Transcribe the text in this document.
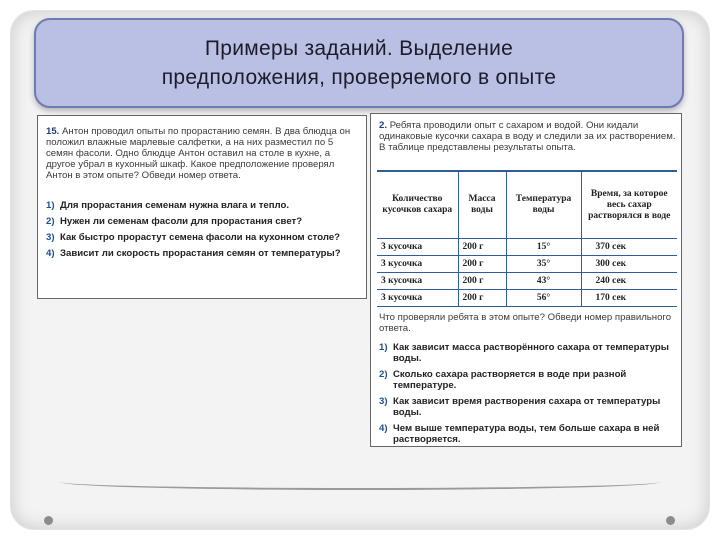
Примеры заданий. Выделение
предположения, проверяемого в опыте
15. Антон проводил опыты по прорастанию семян. В два блюдца он положил влажные марлевые салфетки, а на них разместил по 5 семян фасоли. Одно блюдце Антон оставил на столе в кухне, а другое убрал в кухонный шкаф. Какое предположение проверял Антон в этом опыте? Обведи номер ответа.
1) Для прорастания семенам нужна влага и тепло.
2) Нужен ли семенам фасоли для прорастания свет?
3) Как быстро прорастут семена фасоли на кухонном столе?
4) Зависит ли скорость прорастания семян от температуры?
2. Ребята проводили опыт с сахаром и водой. Они кидали одинаковые кусочки сахара в воду и следили за их растворением. В таблице представлены результаты опыта.
Количество кусочков сахара	Масса воды	Температура воды	Время, за которое весь сахар растворялся в воде
3 кусочка	200 г	15°	370 сек
3 кусочка	200 г	35°	300 сек
3 кусочка	200 г	43°	240 сек
3 кусочка	200 г	56°	170 сек
Что проверяли ребята в этом опыте? Обведи номер правильного ответа.
1) Как зависит масса растворённого сахара от температуры воды.
2) Сколько сахара растворяется в воде при разной температуре.
3) Как зависит время растворения сахара от температуры воды.
4) Чем выше температура воды, тем больше сахара в ней растворяется.
